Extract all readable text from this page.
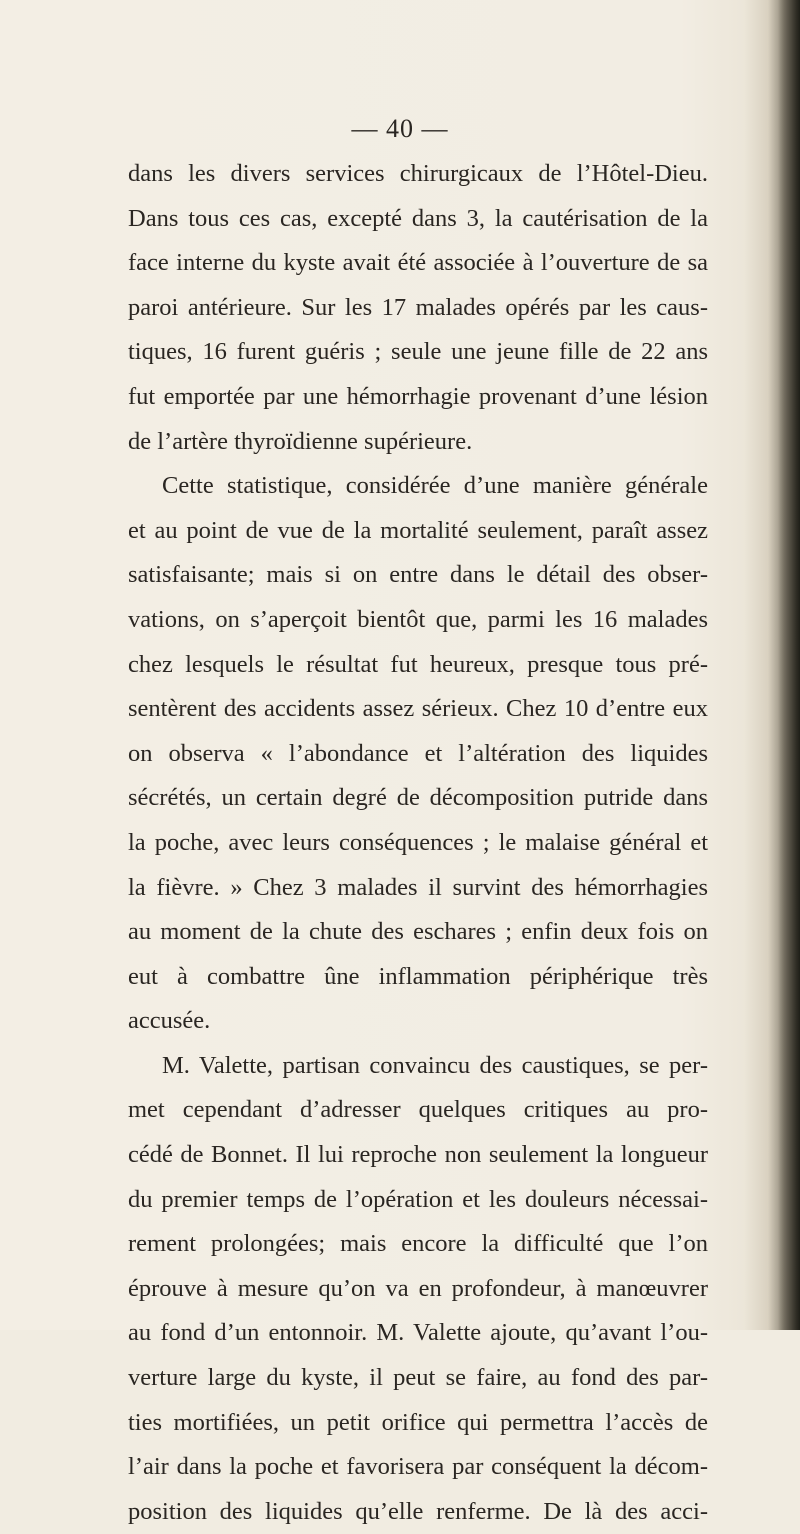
— 40 —
dans les divers services chirurgicaux de l’Hôtel-Dieu.
Dans tous ces cas, excepté dans 3, la cautérisation de la
face interne du kyste avait été associée à l’ouverture de sa
paroi antérieure. Sur les 17 malades opérés par les caus-
tiques, 16 furent guéris ; seule une jeune fille de 22 ans
fut emportée par une hémorrhagie provenant d’une lésion
de l’artère thyroïdienne supérieure.
Cette statistique, considérée d’une manière générale
et au point de vue de la mortalité seulement, paraît assez
satisfaisante; mais si on entre dans le détail des obser-
vations, on s’aperçoit bientôt que, parmi les 16 malades
chez lesquels le résultat fut heureux, presque tous pré-
sentèrent des accidents assez sérieux. Chez 10 d’entre eux
on observa « l’abondance et l’altération des liquides
sécrétés, un certain degré de décomposition putride dans
la poche, avec leurs conséquences ; le malaise général et
la fièvre. » Chez 3 malades il survint des hémorrhagies
au moment de la chute des eschares ; enfin deux fois on
eut à combattre ûne inflammation périphérique très
accusée.
M. Valette, partisan convaincu des caustiques, se per-
met cependant d’adresser quelques critiques au pro-
cédé de Bonnet. Il lui reproche non seulement la longueur
du premier temps de l’opération et les douleurs nécessai-
rement prolongées; mais encore la difficulté que l’on
éprouve à mesure qu’on va en profondeur, à manœuvrer
au fond d’un entonnoir. M. Valette ajoute, qu’avant l’ou-
verture large du kyste, il peut se faire, au fond des par-
ties mortifiées, un petit orifice qui permettra l’accès de
l’air dans la poche et favorisera par conséquent la décom-
position des liquides qu’elle renferme. De là des acci-
